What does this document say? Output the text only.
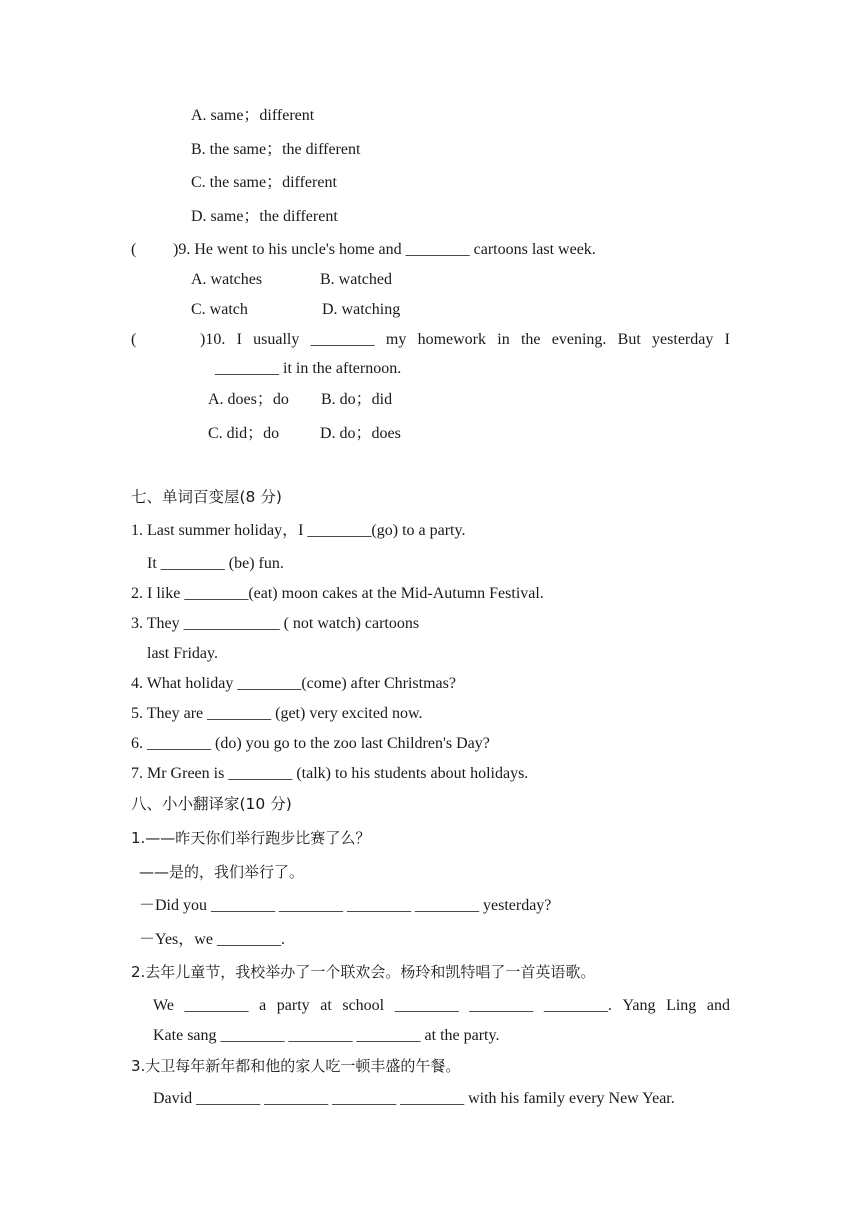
A. same；different
B. the same；the different
C. the same；different
D. same；the different
( )9. He went to his uncle's home and ________ cartoons last week.
A. watches	B. watched
C. watch	D. watching
(	)10. I usually ________ my homework in the evening. But yesterday I
________ it in the afternoon.
A. does；do B. do；did
C. did；do	D. do；does
七、单词百变屋(8 分)
1. Last summer holiday，I ________(go) to a party.
It ________ (be) fun.
2. I like ________(eat) moon cakes at the Mid-Autumn Festival.
3. They ____________ ( not watch) cartoons
last Friday.
4. What holiday ________(come) after Christmas?
5. They are ________ (get) very excited now.
6. ________ (do) you go to the zoo last Children's Day?
7. Mr Green is ________ (talk) to his students about holidays.
八、小小翻译家(10 分)
1.——昨天你们举行跑步比赛了么？
——是的，我们举行了。
－Did you ________ ________ ________ ________ yesterday?
－Yes，we ________.
2.去年儿童节，我校举办了一个联欢会。杨玲和凯特唱了一首英语歌。
We ________ a party at school ________ ________ ________. Yang Ling and
Kate sang ________ ________ ________ at the party.
3.大卫每年新年都和他的家人吃一顿丰盛的午餐。
David ________ ________ ________ ________ with his family every New Year.
